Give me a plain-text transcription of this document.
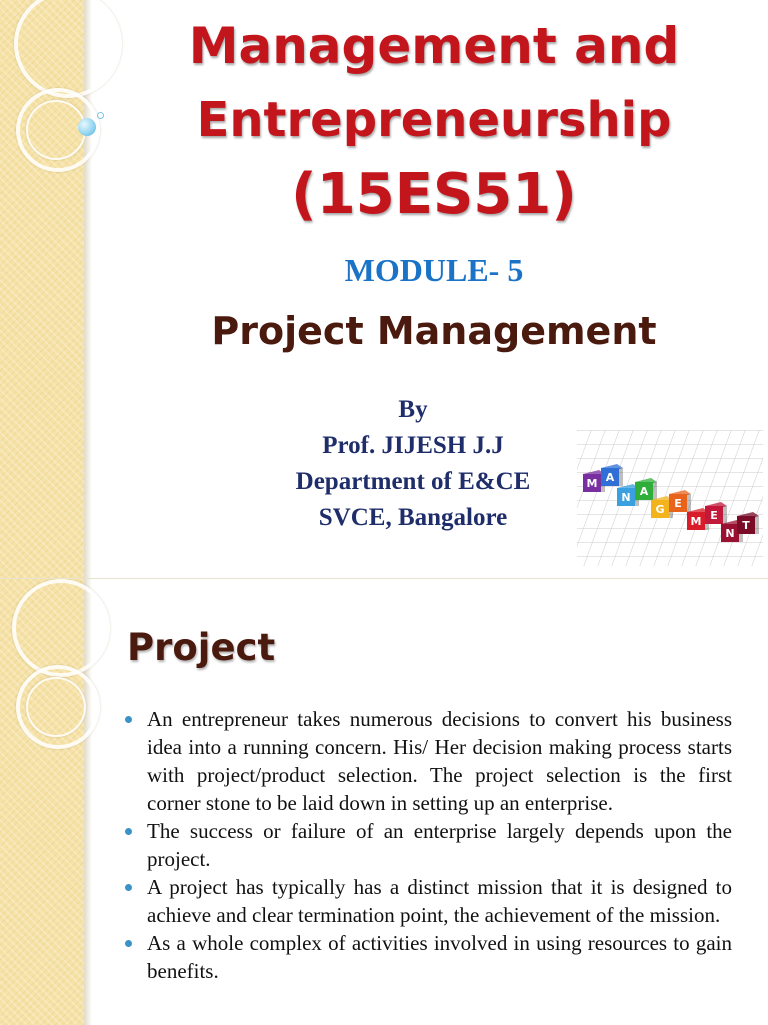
Management and
Entrepreneurship
(15ES51)
MODULE- 5
Project Management
By
Prof. JIJESH J.J
Department of E&CE
SVCE, Bangalore
M A
N A
G E
M E
N
T
Project
An entrepreneur takes numerous decisions to convert his business idea into a running concern. His/ Her decision making process starts with project/product selection. The project selection is the first corner stone to be laid down in setting up an enterprise.
The success or failure of an enterprise largely depends upon the project.
A project has typically has a distinct mission that it is designed to achieve and clear termination point, the achievement of the mission.
As a whole complex of activities involved in using resources to gain benefits.
